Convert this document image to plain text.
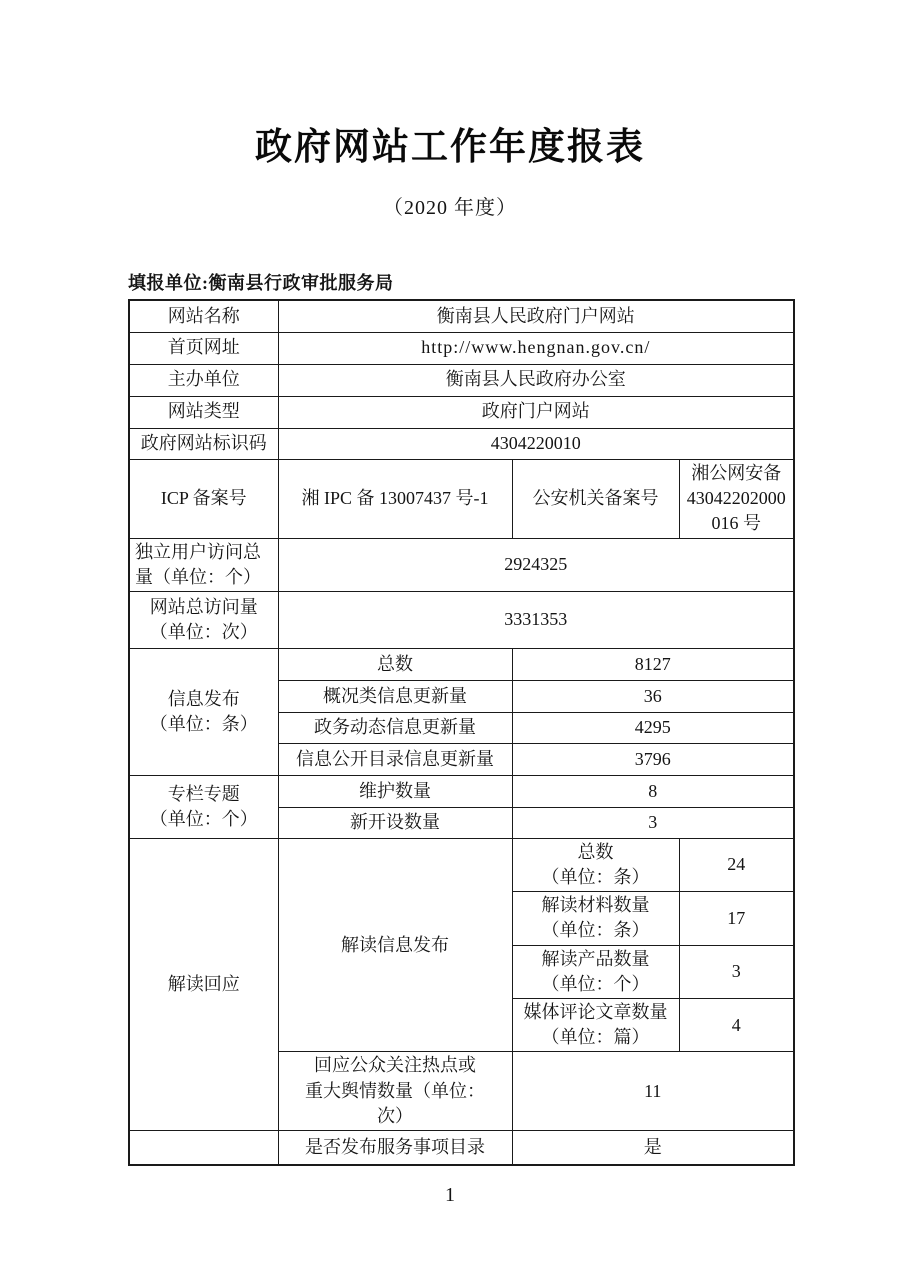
政府网站工作年度报表
（2020 年度）
填报单位:衡南县行政审批服务局
网站名称	衡南县人民政府门户网站		
首页网址	http://www.hengnan.gov.cn/		
主办单位	衡南县人民政府办公室		
网站类型	政府门户网站		
政府网站标识码	4304220010		
ICP 备案号	湘 IPC 备 13007437 号-1	公安机关备案号	湘公网安备
43042202000
016 号
独立用户访问总量（单位：个）	2924325		
网站总访问量
（单位：次）	3331353		
信息发布
（单位：条）	总数	8127	
	概况类信息更新量	36	
	政务动态信息更新量	4295	
	信息公开目录信息更新量	3796	
专栏专题
（单位：个）	维护数量	8	
	新开设数量	3	
解读回应	解读信息发布	总数
（单位：条）	24
		解读材料数量
（单位：条）	17
		解读产品数量
（单位：个）	3
		媒体评论文章数量
（单位：篇）	4
	回应公众关注热点或
重大舆情数量（单位：
次）	11	
	是否发布服务事项目录	是	
1
